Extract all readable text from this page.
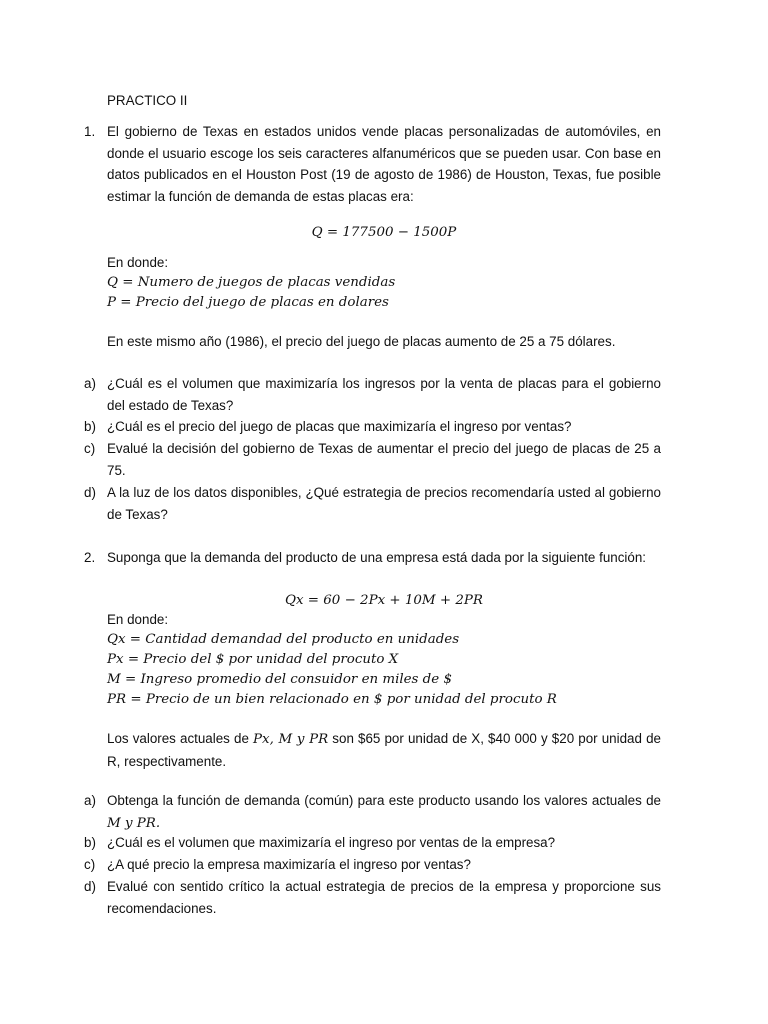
PRACTICO II
1. El gobierno de Texas en estados unidos vende placas personalizadas de automóviles, en donde el usuario escoge los seis caracteres alfanuméricos que se pueden usar. Con base en datos publicados en el Houston Post (19 de agosto de 1986) de Houston, Texas, fue posible estimar la función de demanda de estas placas era:
Q = 177500 − 1500P
En donde:
Q = Numero de juegos de placas vendidas
P = Precio del juego de placas en dolares
En este mismo año (1986), el precio del juego de placas aumento de 25 a 75 dólares.
a) ¿Cuál es el volumen que maximizaría los ingresos por la venta de placas para el gobierno del estado de Texas?
b) ¿Cuál es el precio del juego de placas que maximizaría el ingreso por ventas?
c) Evalué la decisión del gobierno de Texas de aumentar el precio del juego de placas de 25 a 75.
d) A la luz de los datos disponibles, ¿Qué estrategia de precios recomendaría usted al gobierno de Texas?
2. Suponga que la demanda del producto de una empresa está dada por la siguiente función:
Qx = 60 − 2Px + 10M + 2PR
En donde:
Qx = Cantidad demandad del producto en unidades
Px = Precio del $ por unidad del procuto X
M = Ingreso promedio del consuidor en miles de $
PR = Precio de un bien relacionado en $ por unidad del procuto R
Los valores actuales de Px, M y PR son $65 por unidad de X, $40 000 y $20 por unidad de R, respectivamente.
a) Obtenga la función de demanda (común) para este producto usando los valores actuales de M y PR.
b) ¿Cuál es el volumen que maximizaría el ingreso por ventas de la empresa?
c) ¿A qué precio la empresa maximizaría el ingreso por ventas?
d) Evalué con sentido crítico la actual estrategia de precios de la empresa y proporcione sus recomendaciones.
